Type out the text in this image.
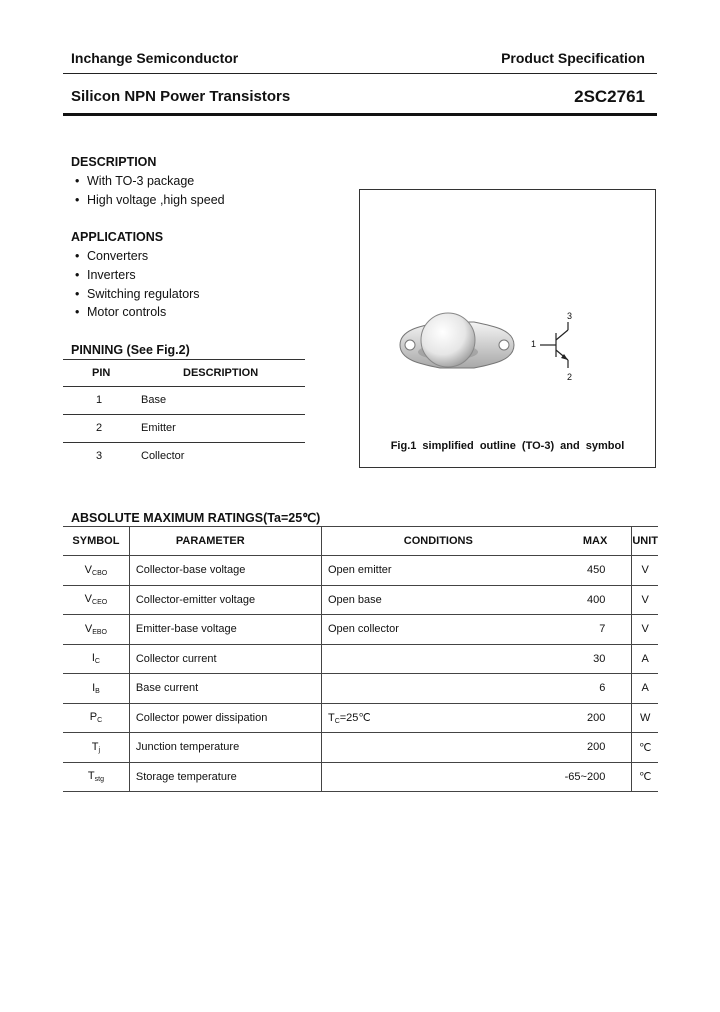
Inchange Semiconductor	Product Specification
Silicon NPN Power Transistors	2SC2761
DESCRIPTION
• With TO-3 package
• High voltage ,high speed
APPLICATIONS
• Converters
• Inverters
• Switching regulators
• Motor controls
PINNING (See Fig.2)
PIN	DESCRIPTION
1	Base
2	Emitter
3	Collector
1
3
2
Fig.1 simplified outline (TO-3) and symbol
ABSOLUTE MAXIMUM RATINGS(Ta=25℃)
SYMBOL	PARAMETER	CONDITIONS	MAX	UNIT
$V_{CBO}$	Collector-base voltage	Open emitter	450	V
$V_{CEO}$	Collector-emitter voltage	Open base	400	V
$V_{EBO}$	Emitter-base voltage	Open collector	7	V
$I_C$	Collector current		30	A
$I_B$	Base current		6	A
$P_C$	Collector power dissipation	$T_C=25℃$	200	W
$T_j$	Junction temperature		200	℃
$T_{stg}$	Storage temperature		-65~200	℃
